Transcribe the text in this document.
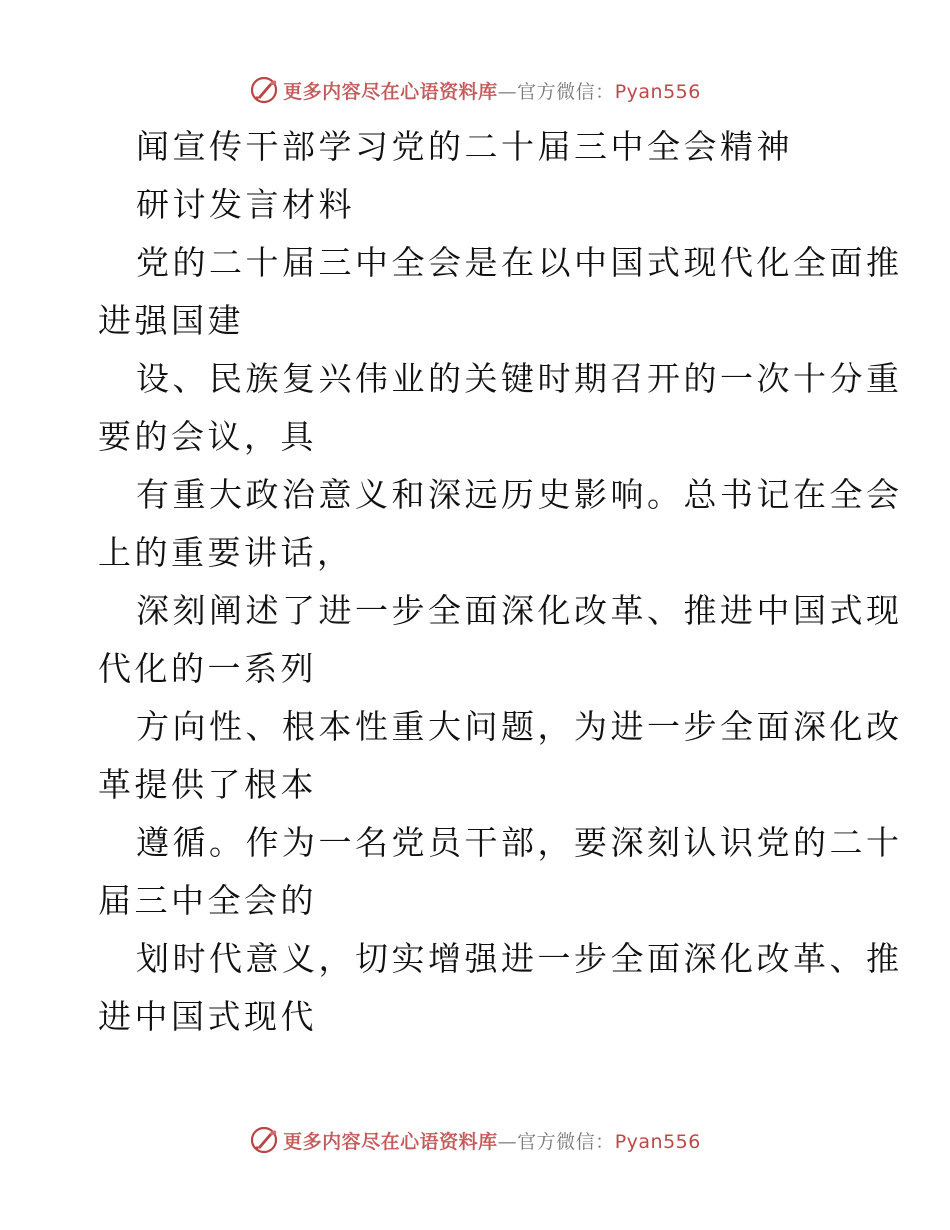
更多内容尽在心语资料库—官方微信：Pyan556
闻宣传干部学习党的二十届三中全会精神
研讨发言材料
党的二十届三中全会是在以中国式现代化全面推
进强国建
设、民族复兴伟业的关键时期召开的一次十分重
要的会议，具
有重大政治意义和深远历史影响。总书记在全会
上的重要讲话，
深刻阐述了进一步全面深化改革、推进中国式现
代化的一系列
方向性、根本性重大问题，为进一步全面深化改
革提供了根本
遵循。作为一名党员干部，要深刻认识党的二十
届三中全会的
划时代意义，切实增强进一步全面深化改革、推
进中国式现代
更多内容尽在心语资料库—官方微信：Pyan556
